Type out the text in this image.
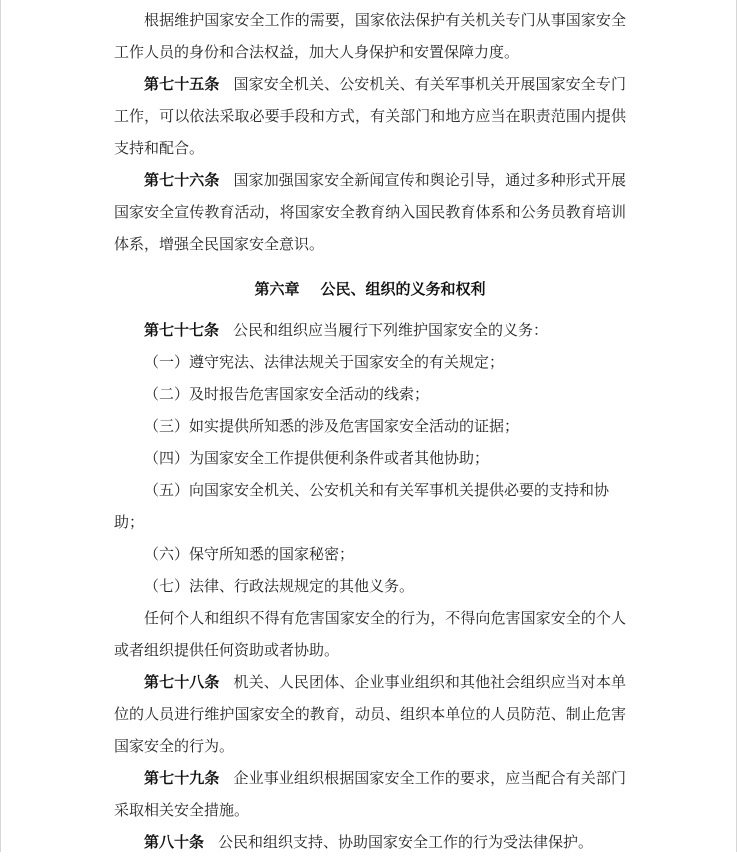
根据维护国家安全工作的需要，国家依法保护有关机关专门从事国家安全工作人员的身份和合法权益，加大人身保护和安置保障力度。

第七十五条 国家安全机关、公安机关、有关军事机关开展国家安全专门工作，可以依法采取必要手段和方式，有关部门和地方应当在职责范围内提供支持和配合。

第七十六条 国家加强国家安全新闻宣传和舆论引导，通过多种形式开展国家安全宣传教育活动，将国家安全教育纳入国民教育体系和公务员教育培训体系，增强全民国家安全意识。

第六章 公民、组织的义务和权利

第七十七条 公民和组织应当履行下列维护国家安全的义务：

（一）遵守宪法、法律法规关于国家安全的有关规定；

（二）及时报告危害国家安全活动的线索；

（三）如实提供所知悉的涉及危害国家安全活动的证据；

（四）为国家安全工作提供便利条件或者其他协助；

（五）向国家安全机关、公安机关和有关军事机关提供必要的支持和协助；

（六）保守所知悉的国家秘密；

（七）法律、行政法规规定的其他义务。

任何个人和组织不得有危害国家安全的行为，不得向危害国家安全的个人或者组织提供任何资助或者协助。

第七十八条 机关、人民团体、企业事业组织和其他社会组织应当对本单位的人员进行维护国家安全的教育，动员、组织本单位的人员防范、制止危害国家安全的行为。

第七十九条 企业事业组织根据国家安全工作的要求，应当配合有关部门采取相关安全措施。

第八十条 公民和组织支持、协助国家安全工作的行为受法律保护。
